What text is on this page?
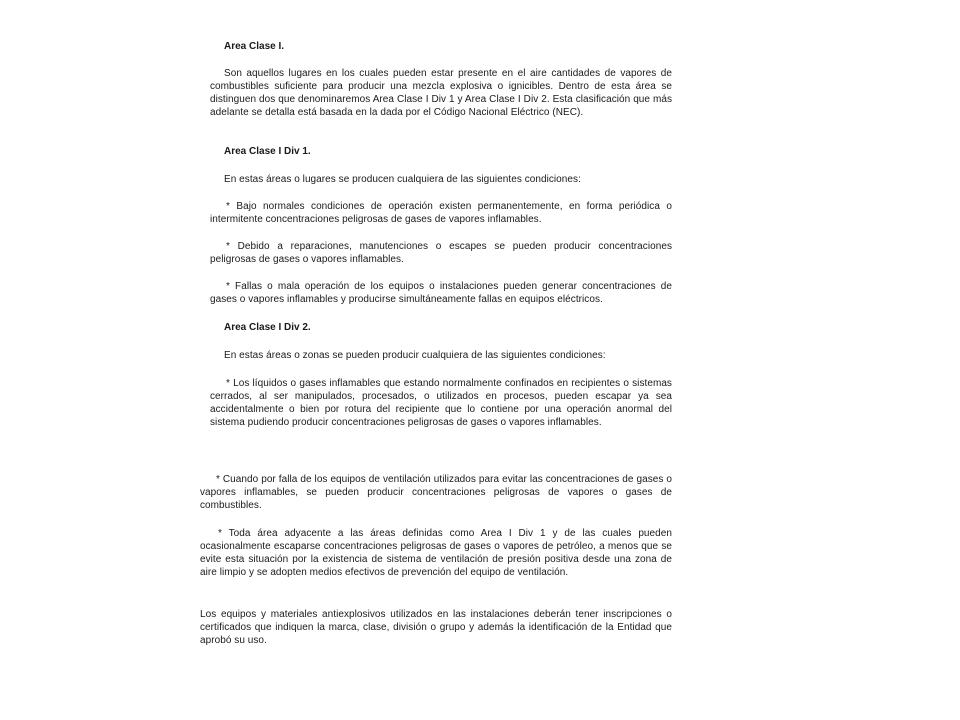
Area Clase I.

Son aquellos lugares en los cuales pueden estar presente en el aire cantidades de vapores de combustibles suficiente para producir una mezcla explosiva o ignicibles. Dentro de esta área se distinguen dos que denominaremos Area Clase I Div 1 y Area Clase I Div 2. Esta clasificación que más adelante se detalla está basada en la dada por el Código Nacional Eléctrico (NEC).

Area Clase I Div 1.

En estas áreas o lugares se producen cualquiera de las siguientes condiciones:

* Bajo normales condiciones de operación existen permanentemente, en forma periódica o intermitente concentraciones peligrosas de gases de vapores inflamables.

* Debido a reparaciones, manutenciones o escapes se pueden producir concentraciones peligrosas de gases o vapores inflamables.

* Fallas o mala operación de los equipos o instalaciones pueden generar concentraciones de gases o vapores inflamables y producirse simultáneamente fallas en equipos eléctricos.

Area Clase I Div 2.

En estas áreas o zonas se pueden producir cualquiera de las siguientes condiciones:

* Los líquidos o gases inflamables que estando normalmente confinados en recipientes o sistemas cerrados, al ser manipulados, procesados, o utilizados en procesos, pueden escapar ya sea accidentalmente o bien por rotura del recipiente que lo contiene por una operación anormal del sistema pudiendo producir concentraciones peligrosas de gases o vapores inflamables.

* Cuando por falla de los equipos de ventilación utilizados para evitar las concentraciones de gases o vapores inflamables, se pueden producir concentraciones peligrosas de vapores o gases de combustibles.

* Toda área adyacente a las áreas definidas como Area I Div 1 y de las cuales pueden ocasionalmente escaparse concentraciones peligrosas de gases o vapores de petróleo, a menos que se evite esta situación por la existencia de sistema de ventilación de presión positiva desde una zona de aire limpio y se adopten medios efectivos de prevención del equipo de ventilación.

Los equipos y materiales antiexplosivos utilizados en las instalaciones deberán tener inscripciones o certificados que indiquen la marca, clase, división o grupo y además la identificación de la Entidad que aprobó su uso.
